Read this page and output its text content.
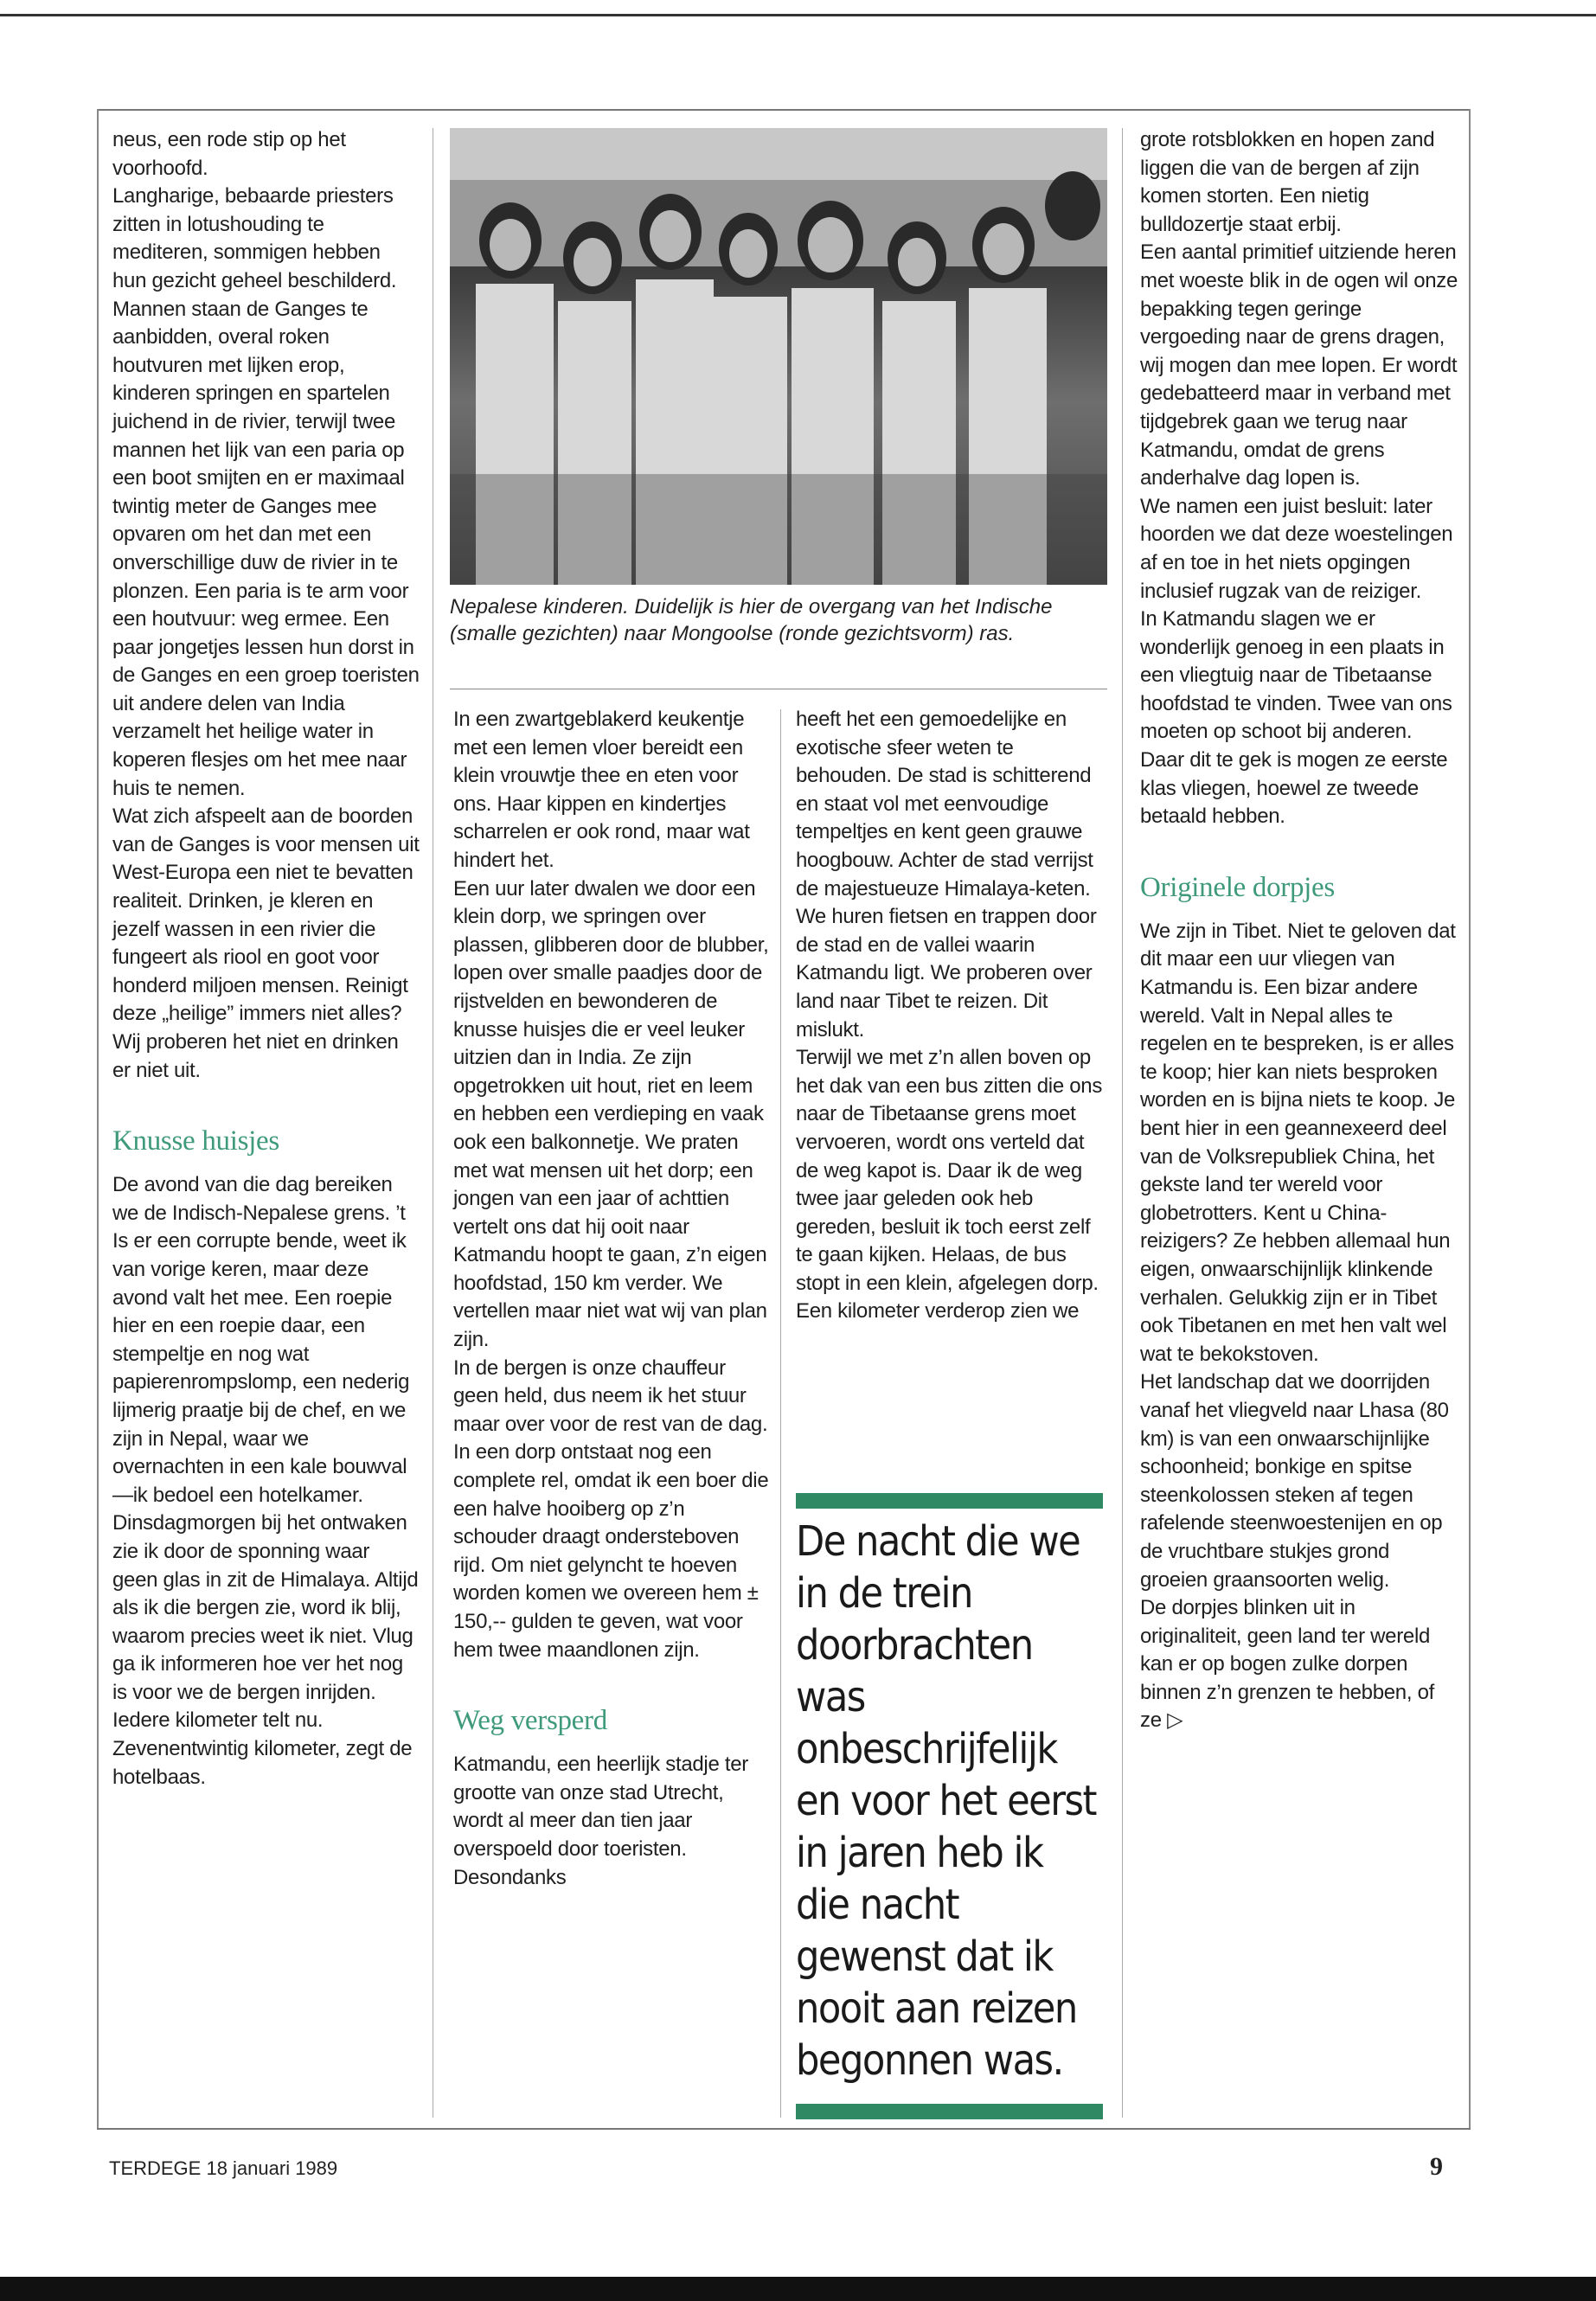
neus, een rode stip op het voorhoofd.

Langharige, bebaarde priesters zitten in lotushouding te mediteren, sommigen hebben hun gezicht geheel beschilderd. Mannen staan de Ganges te aanbidden, overal roken houtvuren met lijken erop, kinderen springen en spartelen juichend in de rivier, terwijl twee mannen het lijk van een paria op een boot smijten en er maximaal twintig meter de Ganges mee opvaren om het dan met een onverschillige duw de rivier in te plonzen. Een paria is te arm voor een houtvuur: weg ermee. Een paar jongetjes lessen hun dorst in de Ganges en een groep toeristen uit andere delen van India verzamelt het heilige water in koperen flesjes om het mee naar huis te nemen.

Wat zich afspeelt aan de boorden van de Ganges is voor mensen uit West-Europa een niet te bevatten realiteit. Drinken, je kleren en jezelf wassen in een rivier die fungeert als riool en goot voor honderd miljoen mensen. Reinigt deze „heilige” immers niet alles? Wij proberen het niet en drinken er niet uit.

Knusse huisjes

De avond van die dag bereiken we de Indisch-Nepalese grens. ’t Is er een corrupte bende, weet ik van vorige keren, maar deze avond valt het mee. Een roepie hier en een roepie daar, een stempeltje en nog wat papierenrompslomp, een nederig lijmerig praatje bij de chef, en we zijn in Nepal, waar we overnachten in een kale bouwval —ik bedoel een hotelkamer.

Dinsdagmorgen bij het ontwaken zie ik door de sponning waar geen glas in zit de Himalaya. Altijd als ik die bergen zie, word ik blij, waarom precies weet ik niet. Vlug ga ik informeren hoe ver het nog is voor we de bergen inrijden. Iedere kilometer telt nu. Zevenentwintig kilometer, zegt de hotelbaas.

Nepalese kinderen. Duidelijk is hier de overgang van het Indische (smalle gezichten) naar Mongoolse (ronde gezichtsvorm) ras.

In een zwartgeblakerd keukentje met een lemen vloer bereidt een klein vrouwtje thee en eten voor ons. Haar kippen en kindertjes scharrelen er ook rond, maar wat hindert het.

Een uur later dwalen we door een klein dorp, we springen over plassen, glibberen door de blubber, lopen over smalle paadjes door de rijstvelden en bewonderen de knusse huisjes die er veel leuker uitzien dan in India. Ze zijn opgetrokken uit hout, riet en leem en hebben een verdieping en vaak ook een balkonnetje. We praten met wat mensen uit het dorp; een jongen van een jaar of achttien vertelt ons dat hij ooit naar Katmandu hoopt te gaan, z’n eigen hoofdstad, 150 km verder. We vertellen maar niet wat wij van plan zijn.

In de bergen is onze chauffeur geen held, dus neem ik het stuur maar over voor de rest van de dag. In een dorp ontstaat nog een complete rel, omdat ik een boer die een halve hooiberg op z’n schouder draagt ondersteboven rijd. Om niet gelyncht te hoeven worden komen we overeen hem ± 150,-- gulden te geven, wat voor hem twee maandlonen zijn.

Weg versperd

Katmandu, een heerlijk stadje ter grootte van onze stad Utrecht, wordt al meer dan tien jaar overspoeld door toeristen. Desondanks

heeft het een gemoedelijke en exotische sfeer weten te behouden. De stad is schitterend en staat vol met eenvoudige tempeltjes en kent geen grauwe hoogbouw. Achter de stad verrijst de majestueuze Himalaya-keten.

We huren fietsen en trappen door de stad en de vallei waarin Katmandu ligt. We proberen over land naar Tibet te reizen. Dit mislukt.

Terwijl we met z’n allen boven op het dak van een bus zitten die ons naar de Tibetaanse grens moet vervoeren, wordt ons verteld dat de weg kapot is. Daar ik de weg twee jaar geleden ook heb gereden, besluit ik toch eerst zelf te gaan kijken. Helaas, de bus stopt in een klein, afgelegen dorp. Een kilometer verderop zien we

De nacht die we in de trein doorbrachten was onbeschrijfelijk en voor het eerst in jaren heb ik die nacht gewenst dat ik nooit aan reizen begonnen was.

grote rotsblokken en hopen zand liggen die van de bergen af zijn komen storten. Een nietig bulldozertje staat erbij.

Een aantal primitief uitziende heren met woeste blik in de ogen wil onze bepakking tegen geringe vergoeding naar de grens dragen, wij mogen dan mee lopen. Er wordt gedebatteerd maar in verband met tijdgebrek gaan we terug naar Katmandu, omdat de grens anderhalve dag lopen is.

We namen een juist besluit: later hoorden we dat deze woestelingen af en toe in het niets opgingen inclusief rugzak van de reiziger.

In Katmandu slagen we er wonderlijk genoeg in een plaats in een vliegtuig naar de Tibetaanse hoofdstad te vinden. Twee van ons moeten op schoot bij anderen. Daar dit te gek is mogen ze eerste klas vliegen, hoewel ze tweede betaald hebben.

Originele dorpjes

We zijn in Tibet. Niet te geloven dat dit maar een uur vliegen van Katmandu is. Een bizar andere wereld. Valt in Nepal alles te regelen en te bespreken, is er alles te koop; hier kan niets besproken worden en is bijna niets te koop. Je bent hier in een geannexeerd deel van de Volksrepubliek China, het gekste land ter wereld voor globetrotters. Kent u China-reizigers? Ze hebben allemaal hun eigen, onwaarschijnlijk klinkende verhalen. Gelukkig zijn er in Tibet ook Tibetanen en met hen valt wel wat te bekokstoven.

Het landschap dat we doorrijden vanaf het vliegveld naar Lhasa (80 km) is van een onwaarschijnlijke schoonheid; bonkige en spitse steenkolossen steken af tegen rafelende steenwoestenijen en op de vruchtbare stukjes grond groeien graansoorten welig.

De dorpjes blinken uit in originaliteit, geen land ter wereld kan er op bogen zulke dorpen binnen z’n grenzen te hebben, of ze ▷

TERDEGE 18 januari 1989	9
